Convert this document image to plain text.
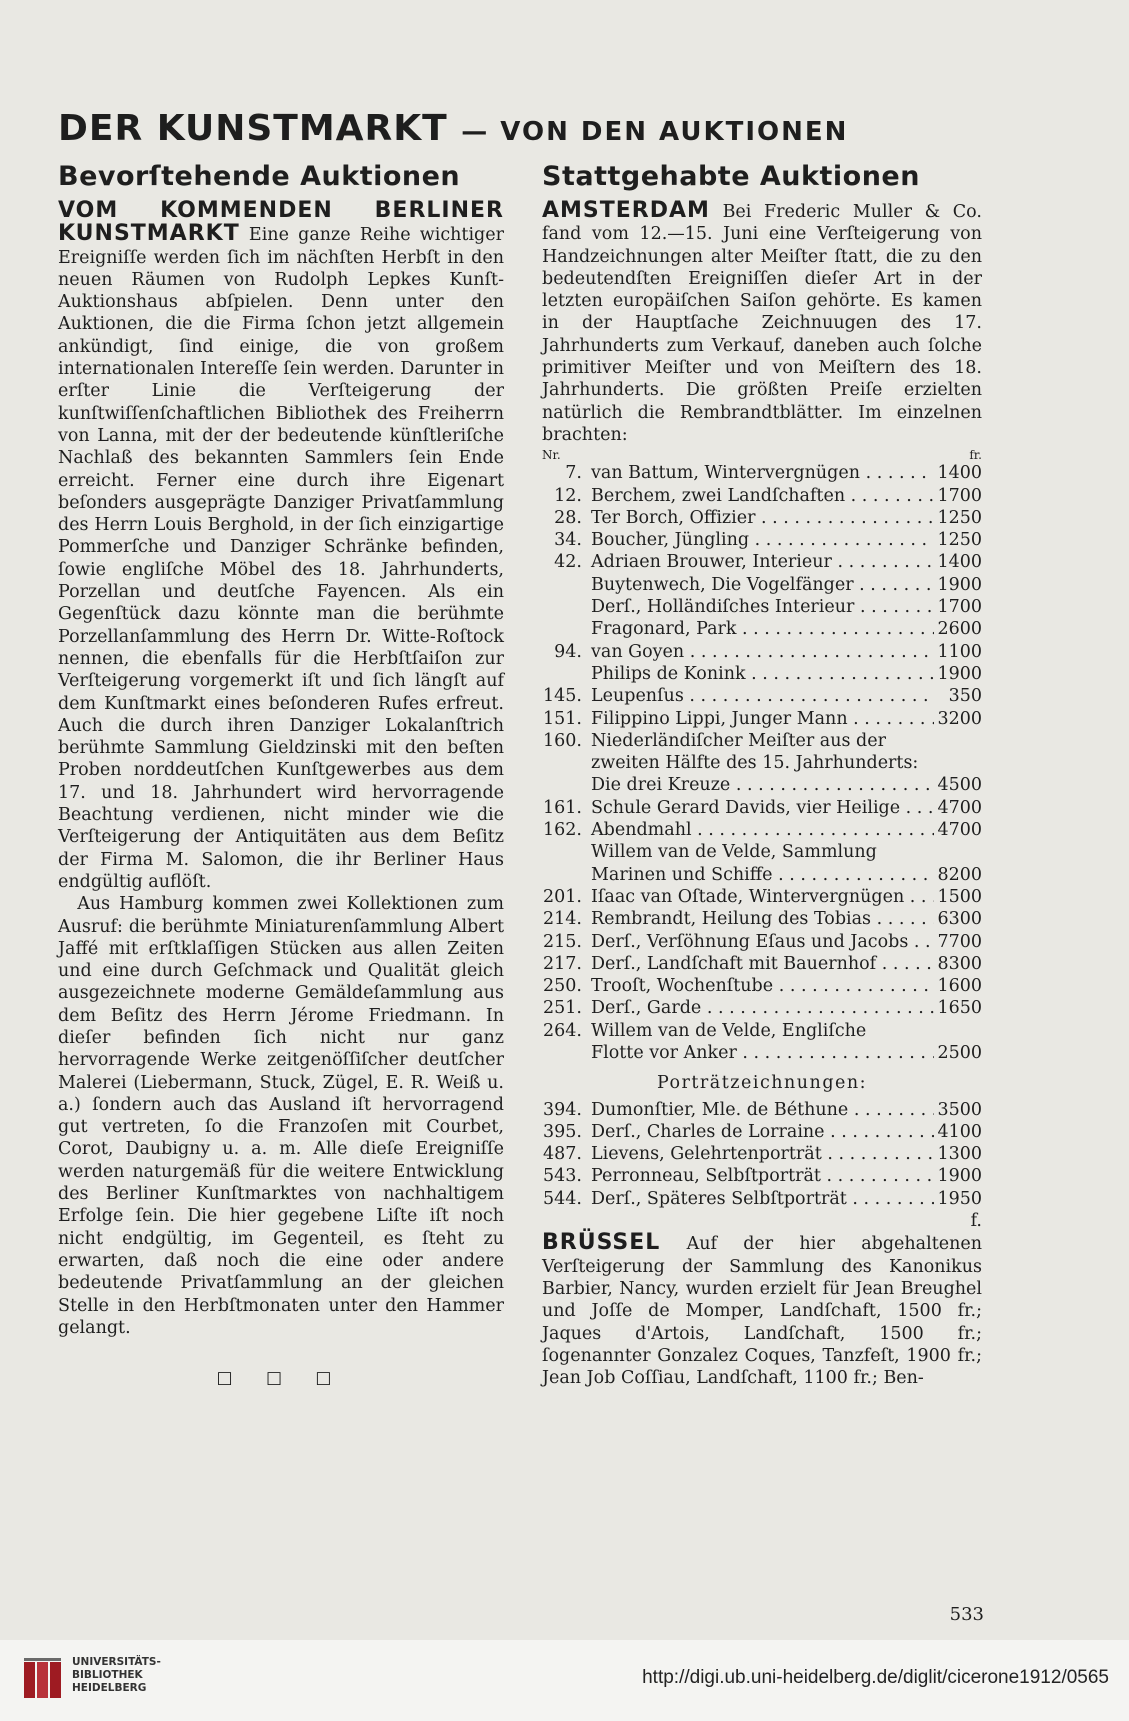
DER KUNSTMARKT — VON DEN AUKTIONEN
Bevorſtehende Auktionen

VOM KOMMENDEN BERLINER KUNSTMARKT Eine ganze Reihe wichtiger Ereigniſſe werden ſich im nächſten Herbſt in den neuen Räumen von Rudolph Lepkes Kunſt-Auktionshaus abſpielen. Denn unter den Auktionen, die die Firma ſchon jetzt allgemein ankündigt, ſind einige, die von großem internationalen Intereſſe ſein werden. Darunter in erſter Linie die Verſteigerung der kunſtwiſſenſchaftlichen Bibliothek des Freiherrn von Lanna, mit der der bedeutende künſtleriſche Nachlaß des bekannten Sammlers ſein Ende erreicht. Ferner eine durch ihre Eigenart beſonders ausgeprägte Danziger Privatſammlung des Herrn Louis Berghold, in der ſich einzigartige Pommerſche und Danziger Schränke befinden, ſowie engliſche Möbel des 18. Jahrhunderts, Porzellan und deutſche Fayencen. Als ein Gegenſtück dazu könnte man die berühmte Porzellanſammlung des Herrn Dr. Witte-Roſtock nennen, die ebenfalls für die Herbſtſaiſon zur Verſteigerung vorgemerkt iſt und ſich längſt auf dem Kunſtmarkt eines beſonderen Rufes erfreut. Auch die durch ihren Danziger Lokalanſtrich berühmte Sammlung Gieldzinski mit den beſten Proben norddeutſchen Kunſtgewerbes aus dem 17. und 18. Jahrhundert wird hervorragende Beachtung verdienen, nicht minder wie die Verſteigerung der Antiquitäten aus dem Beſitz der Firma M. Salomon, die ihr Berliner Haus endgültig auflöſt.

Aus Hamburg kommen zwei Kollektionen zum Ausruf: die berühmte Miniaturenſammlung Albert Jaffé mit erſtklaſſigen Stücken aus allen Zeiten und eine durch Geſchmack und Qualität gleich ausgezeichnete moderne Gemäldeſammlung aus dem Beſitz des Herrn Jérome Friedmann. In dieſer befinden ſich nicht nur ganz hervorragende Werke zeitgenöſſiſcher deutſcher Malerei (Liebermann, Stuck, Zügel, E. R. Weiß u. a.) ſondern auch das Ausland iſt hervorragend gut vertreten, ſo die Franzoſen mit Courbet, Corot, Daubigny u. a. m. Alle dieſe Ereigniſſe werden naturgemäß für die weitere Entwicklung des Berliner Kunſtmarktes von nachhaltigem Erfolge ſein. Die hier gegebene Liſte iſt noch nicht endgültig, im Gegenteil, es ſteht zu erwarten, daß noch die eine oder andere bedeutende Privatſammlung an der gleichen Stelle in den Herbſtmonaten unter den Hammer gelangt.

□ □ □
Stattgehabte Auktionen

AMSTERDAM Bei Frederic Muller & Co. fand vom 12.—15. Juni eine Verſteigerung von Handzeichnungen alter Meiſter ſtatt, die zu den bedeutendſten Ereigniſſen dieſer Art in der letzten europäiſchen Saiſon gehörte. Es kamen in der Hauptſache Zeichnuugen des 17. Jahrhunderts zum Verkauf, daneben auch ſolche primitiver Meiſter und von Meiſtern des 18. Jahrhunderts. Die größten Preiſe erzielten natürlich die Rembrandtblätter. Im einzelnen brachten:

Nr.	fr.
7. van Battum, Wintervergnügen . . .	1400
12. Berchem, zwei Landſchaften . . .	1700
28. Ter Borch, Offizier . . .	1250
34. Boucher, Jüngling . . .	1250
42. Adriaen Brouwer, Interieur . . .	1400
Buytenwech, Die Vogelfänger . . .	1900
Derſ., Holländiſches Interieur . . .	1700
Fragonard, Park . . .	2600
94. van Goyen . . .	1100
Philips de Konink . . .	1900
145. Leupenſus . . .	350
151. Filippino Lippi, Junger Mann . . .	3200
160. Niederländiſcher Meiſter aus der
zweiten Hälfte des 15. Jahrhunderts:
Die drei Kreuze . . .	4500
161. Schule Gerard Davids, vier Heilige . . .	4700
162. Abendmahl . . .	4700
Willem van de Velde, Sammlung
Marinen und Schiffe . . .	8200
201. Iſaac van Oſtade, Wintervergnügen . . .	1500
214. Rembrandt, Heilung des Tobias . . .	6300
215. Derſ., Verſöhnung Eſaus und Jacobs . . .	7700
217. Derſ., Landſchaft mit Bauernhof . . .	8300
250. Trooſt, Wochenſtube . . .	1600
251. Derſ., Garde . . .	1650
264. Willem van de Velde, Engliſche
Flotte vor Anker . . .	2500
Porträtzeichnungen:
394. Dumonſtier, Mle. de Béthune . . .	3500
395. Derſ., Charles de Lorraine . . .	4100
487. Lievens, Gelehrtenporträt . . .	1300
543. Perronneau, Selbſtporträt . . .	1900
544. Derſ., Späteres Selbſtporträt . . .	1950
f.

BRÜSSEL Auf der hier abgehaltenen Verſteigerung der Sammlung des Kanonikus Barbier, Nancy, wurden erzielt für Jean Breughel und Joſſe de Momper, Landſchaft, 1500 fr.; Jaques d'Artois, Landſchaft, 1500 fr.; ſogenannter Gonzalez Coques, Tanzfeſt, 1900 fr.; Jean Job Coſſiau, Landſchaft, 1100 fr.; Ben-

533
UNIVERSITÄTS-
BIBLIOTHEK
HEIDELBERG	http://digi.ub.uni-heidelberg.de/diglit/cicerone1912/0565
